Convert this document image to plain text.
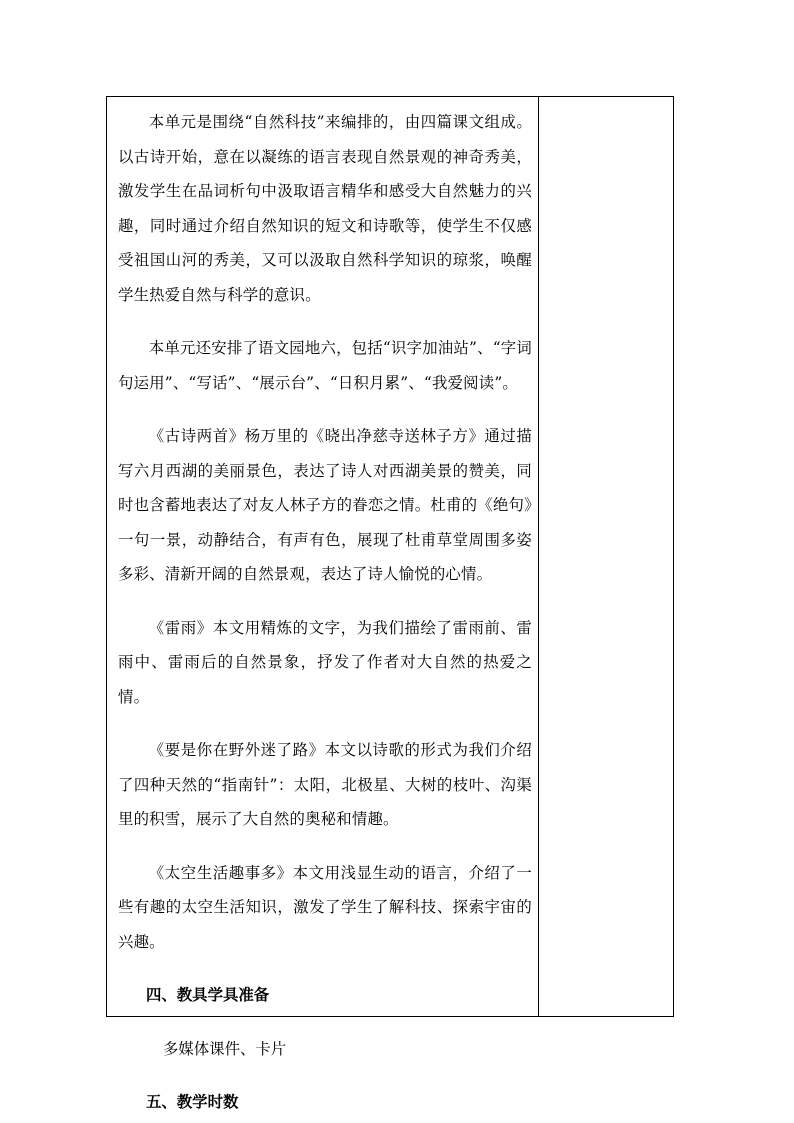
本单元是围绕“自然科技”来编排的，由四篇课文组成。以古诗开始，意在以凝练的语言表现自然景观的神奇秀美，激发学生在品词析句中汲取语言精华和感受大自然魅力的兴趣，同时通过介绍自然知识的短文和诗歌等，使学生不仅感受祖国山河的秀美，又可以汲取自然科学知识的琼浆，唤醒学生热爱自然与科学的意识。

本单元还安排了语文园地六，包括“识字加油站”、“字词句运用”、“写话”、“展示台”、“日积月累”、“我爱阅读”。

《古诗两首》杨万里的《晓出净慈寺送林子方》通过描写六月西湖的美丽景色，表达了诗人对西湖美景的赞美，同时也含蓄地表达了对友人林子方的眷恋之情。杜甫的《绝句》一句一景，动静结合，有声有色，展现了杜甫草堂周围多姿多彩、清新开阔的自然景观，表达了诗人愉悦的心情。

《雷雨》本文用精炼的文字，为我们描绘了雷雨前、雷雨中、雷雨后的自然景象，抒发了作者对大自然的热爱之情。

《要是你在野外迷了路》本文以诗歌的形式为我们介绍了四种天然的“指南针”：太阳，北极星、大树的枝叶、沟渠里的积雪，展示了大自然的奥秘和情趣。

《太空生活趣事多》本文用浅显生动的语言，介绍了一些有趣的太空生活知识，激发了学生了解科技、探索宇宙的兴趣。

四、教具学具准备

多媒体课件、卡片

五、教学时数
